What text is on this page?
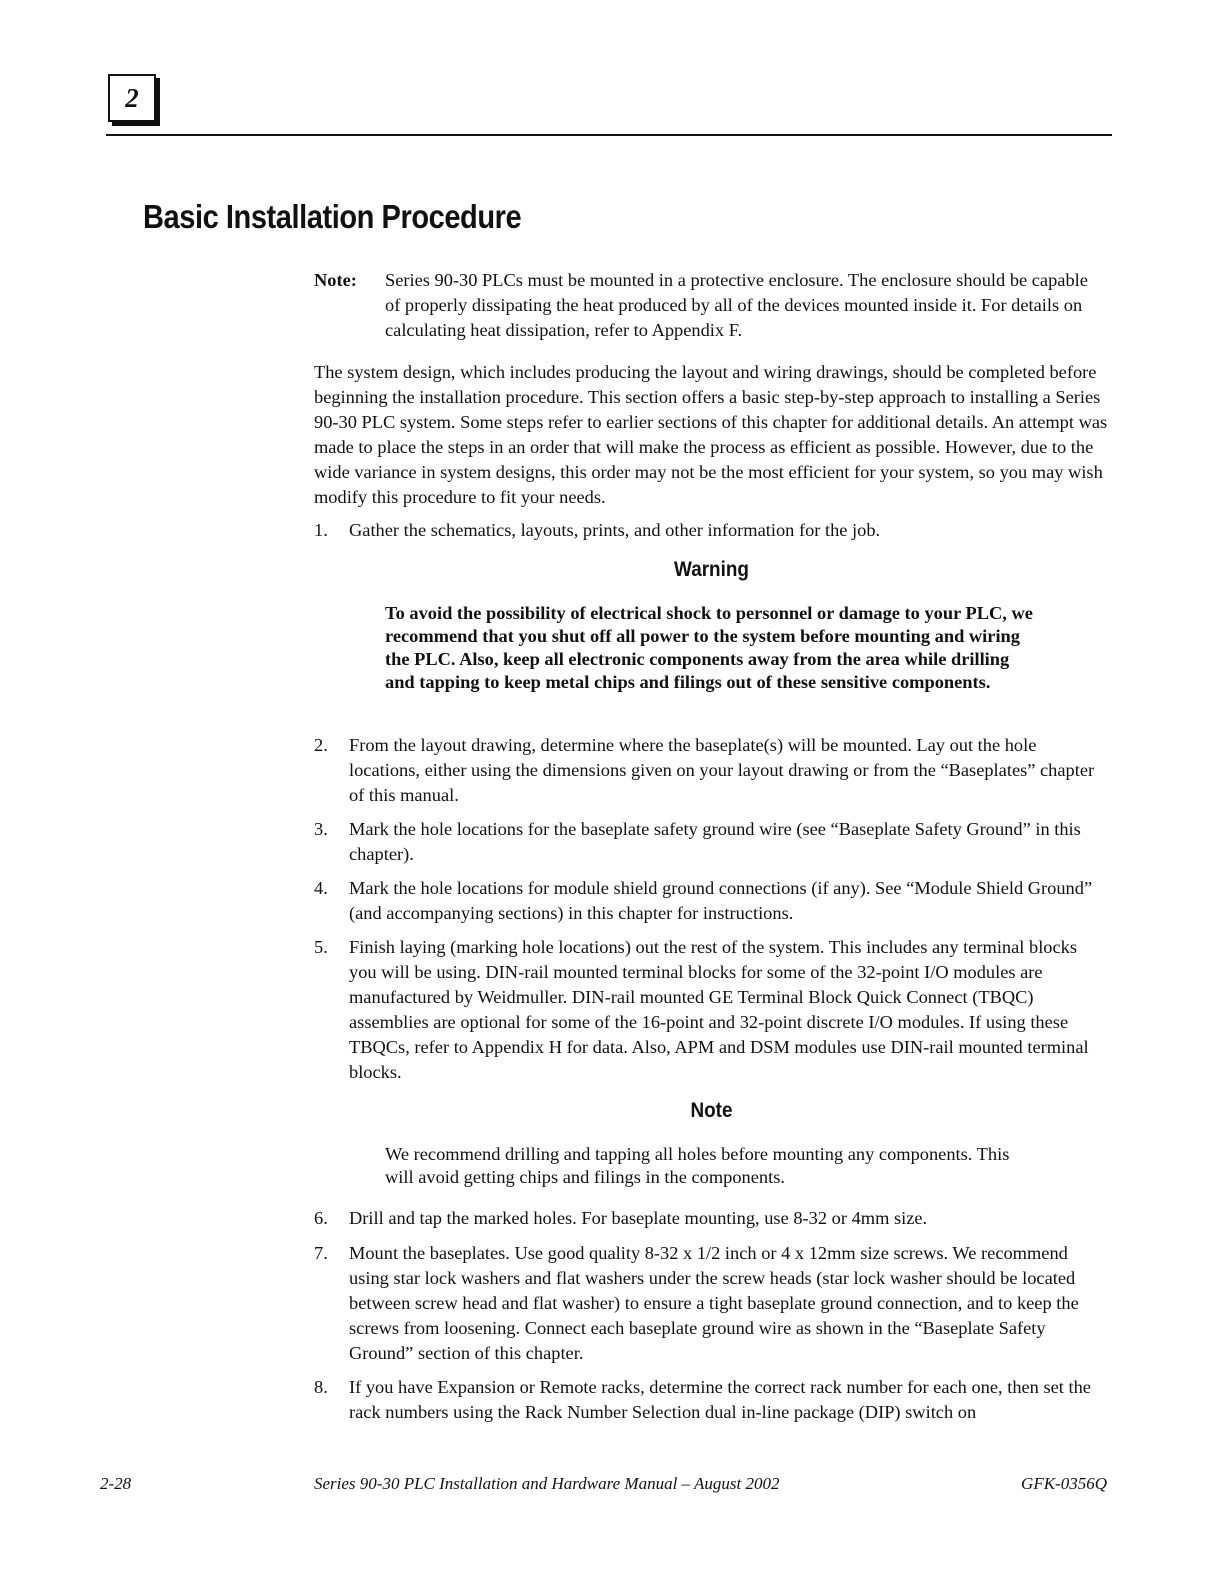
2
Basic Installation Procedure
Note:	Series 90-30 PLCs must be mounted in a protective enclosure. The enclosure should be capable of properly dissipating the heat produced by all of the devices mounted inside it. For details on calculating heat dissipation, refer to Appendix F.

The system design, which includes producing the layout and wiring drawings, should be completed before beginning the installation procedure. This section offers a basic step-by-step approach to installing a Series 90-30 PLC system. Some steps refer to earlier sections of this chapter for additional details. An attempt was made to place the steps in an order that will make the process as efficient as possible. However, due to the wide variance in system designs, this order may not be the most efficient for your system, so you may wish modify this procedure to fit your needs.

1.	Gather the schematics, layouts, prints, and other information for the job.
Warning
To avoid the possibility of electrical shock to personnel or damage to your PLC, we recommend that you shut off all power to the system before mounting and wiring the PLC. Also, keep all electronic components away from the area while drilling and tapping to keep metal chips and filings out of these sensitive components.
2.	From the layout drawing, determine where the baseplate(s) will be mounted. Lay out the hole locations, either using the dimensions given on your layout drawing or from the “Baseplates” chapter of this manual.
3.	Mark the hole locations for the baseplate safety ground wire (see “Baseplate Safety Ground” in this chapter).
4.	Mark the hole locations for module shield ground connections (if any). See “Module Shield Ground” (and accompanying sections) in this chapter for instructions.
5.	Finish laying (marking hole locations) out the rest of the system. This includes any terminal blocks you will be using. DIN-rail mounted terminal blocks for some of the 32-point I/O modules are manufactured by Weidmuller. DIN-rail mounted GE Terminal Block Quick Connect (TBQC) assemblies are optional for some of the 16-point and 32-point discrete I/O modules. If using these TBQCs, refer to Appendix H for data. Also, APM and DSM modules use DIN-rail mounted terminal blocks.
Note
We recommend drilling and tapping all holes before mounting any components. This will avoid getting chips and filings in the components.
6.	Drill and tap the marked holes. For baseplate mounting, use 8-32 or 4mm size.
7.	Mount the baseplates. Use good quality 8-32 x 1/2 inch or 4 x 12mm size screws. We recommend using star lock washers and flat washers under the screw heads (star lock washer should be located between screw head and flat washer) to ensure a tight baseplate ground connection, and to keep the screws from loosening. Connect each baseplate ground wire as shown in the “Baseplate Safety Ground” section of this chapter.
8.	If you have Expansion or Remote racks, determine the correct rack number for each one, then set the rack numbers using the Rack Number Selection dual in-line package (DIP) switch on
2-28	Series 90-30 PLC Installation and Hardware Manual – August 2002	GFK-0356Q
